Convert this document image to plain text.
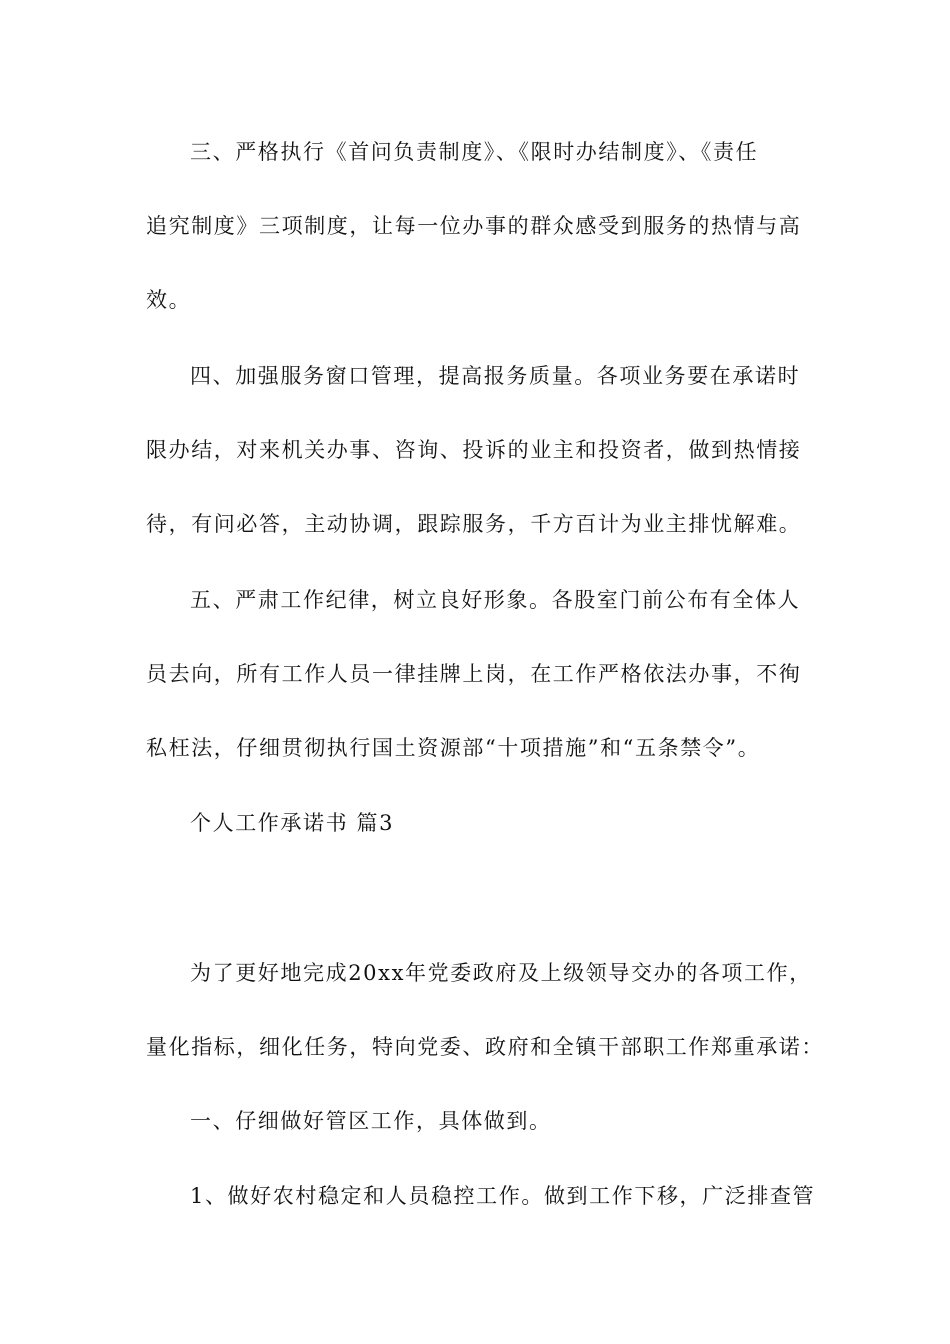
三、严格执行《首问负责制度》、《限时办结制度》、《责任
追究制度》三项制度，让每一位办事的群众感受到服务的热情与高
效。
四、加强服务窗口管理，提高报务质量。各项业务要在承诺时
限办结，对来机关办事、咨询、投诉的业主和投资者，做到热情接
待，有问必答，主动协调，跟踪服务，千方百计为业主排忧解难。
五、严肃工作纪律，树立良好形象。各股室门前公布有全体人
员去向，所有工作人员一律挂牌上岗，在工作严格依法办事，不徇
私枉法，仔细贯彻执行国土资源部“十项措施”和“五条禁令”。
个人工作承诺书 篇3
为了更好地完成20xx年党委政府及上级领导交办的各项工作，
量化指标，细化任务，特向党委、政府和全镇干部职工作郑重承诺：
一、仔细做好管区工作，具体做到。
1、做好农村稳定和人员稳控工作。做到工作下移，广泛排查管
